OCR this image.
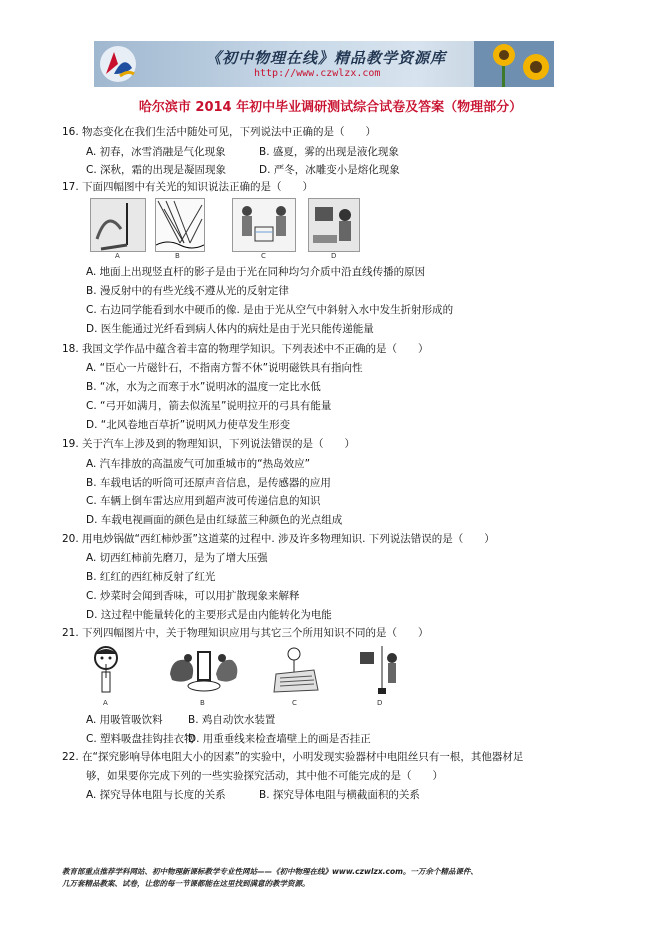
《初中物理在线》精品教学资源库
http://www.czwlzx.com
哈尔滨市 2014 年初中毕业调研测试综合试卷及答案（物理部分）
16. 物态变化在我们生活中随处可见，下列说法中正确的是（　　）
A. 初春，冰雪消融是气化现象	B. 盛夏，雾的出现是液化现象
C. 深秋，霜的出现是凝固现象	D. 严冬，冰雕变小是熔化现象
17. 下面四幅图中有关光的知识说法正确的是（　　）
A	B	C	D
A. 地面上出现竖直杆的影子是由于光在同种均匀介质中沿直线传播的原因
B. 漫反射中的有些光线不遵从光的反射定律
C. 右边同学能看到水中硬币的像. 是由于光从空气中斜射入水中发生折射形成的
D. 医生能通过光纤看到病人体内的病灶是由于光只能传递能量
18. 我国文学作品中蕴含着丰富的物理学知识。下列表述中不正确的是（　　）
A. “臣心一片磁针石，不指南方誓不休”说明磁铁具有指向性
B. “冰，水为之而寒于水”说明冰的温度一定比水低
C. “弓开如满月，箭去似流星”说明拉开的弓具有能量
D. “北风卷地百草折”说明风力使草发生形变
19. 关于汽车上涉及到的物理知识，下列说法错误的是（　　）
A. 汽车排放的高温废气可加重城市的“热岛效应”
B. 车载电话的听筒可还原声音信息，是传感器的应用
C. 车辆上倒车雷达应用到超声波可传递信息的知识
D. 车载电视画面的颜色是由红绿蓝三种颜色的光点组成
20. 用电炒锅做“西红柿炒蛋”这道菜的过程中. 涉及许多物理知识. 下列说法错误的是（　　）
A. 切西红柿前先磨刀，是为了增大压强
B. 红红的西红柿反射了红光
C. 炒菜时会闻到香味，可以用扩散现象来解释
D. 这过程中能量转化的主要形式是由内能转化为电能
21. 下列四幅图片中，关于物理知识应用与其它三个所用知识不同的是（　　）
A	B	C	D
A. 用吸管吸饮料 B. 鸡自动饮水装置
C. 塑料吸盘挂钩挂衣物
D. 用重垂线来检查墙壁上的画是否挂正
22. 在“探究影响导体电阻大小的因素”的实验中，小明发现实验器材中电阻丝只有一根，其他器材足
够，如果要你完成下列的一些实验探究活动，其中他不可能完成的是（　　）
A. 探究导体电阻与长度的关系	B. 探究导体电阻与横截面积的关系
教育部重点推荐学科网站、初中物理新课标教学专业性网站——《初中物理在线》www.czwlzx.com。一万余个精品课件、
几万套精品教案、试卷，让您的每一节课都能在这里找到满意的教学资源。
